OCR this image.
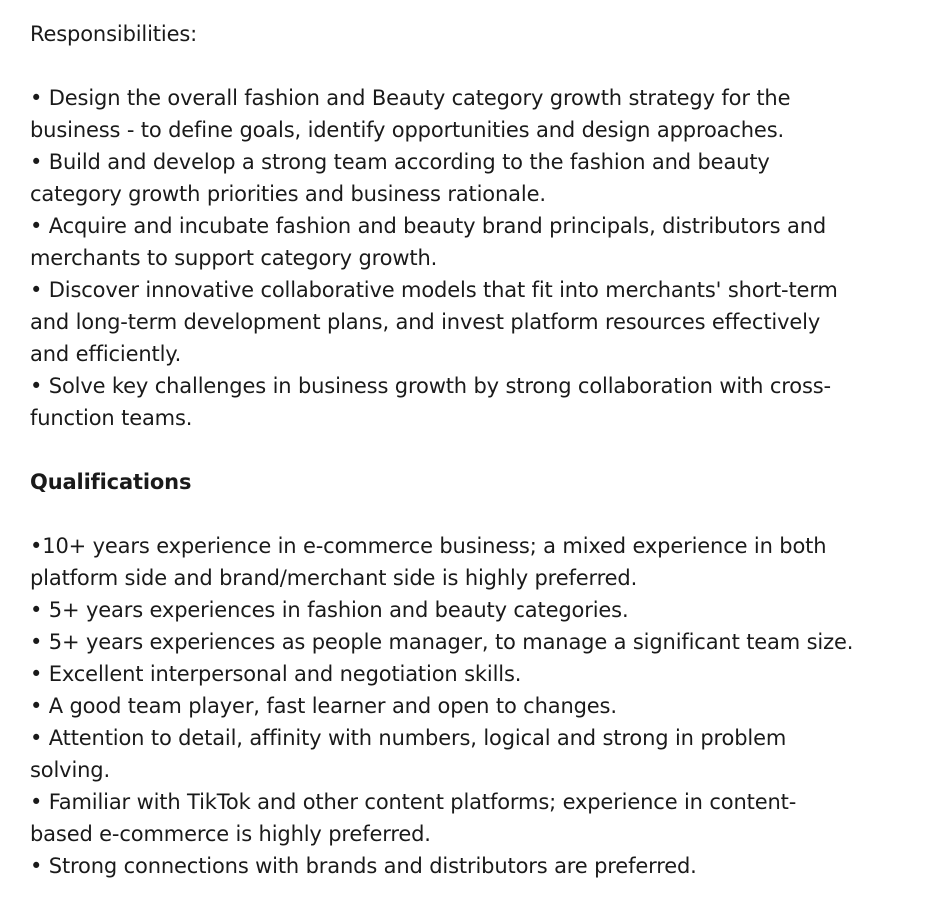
Responsibilities:
• Design the overall fashion and Beauty category growth strategy for the
business - to define goals, identify opportunities and design approaches.
• Build and develop a strong team according to the fashion and beauty
category growth priorities and business rationale.
• Acquire and incubate fashion and beauty brand principals, distributors and
merchants to support category growth.
• Discover innovative collaborative models that fit into merchants' short-term
and long-term development plans, and invest platform resources effectively
and efficiently.
• Solve key challenges in business growth by strong collaboration with cross-
function teams.
Qualifications
•10+ years experience in e-commerce business; a mixed experience in both
platform side and brand/merchant side is highly preferred.
• 5+ years experiences in fashion and beauty categories.
• 5+ years experiences as people manager, to manage a significant team size.
• Excellent interpersonal and negotiation skills.
• A good team player, fast learner and open to changes.
• Attention to detail, affinity with numbers, logical and strong in problem
solving.
• Familiar with TikTok and other content platforms; experience in content-
based e-commerce is highly preferred.
• Strong connections with brands and distributors are preferred.
